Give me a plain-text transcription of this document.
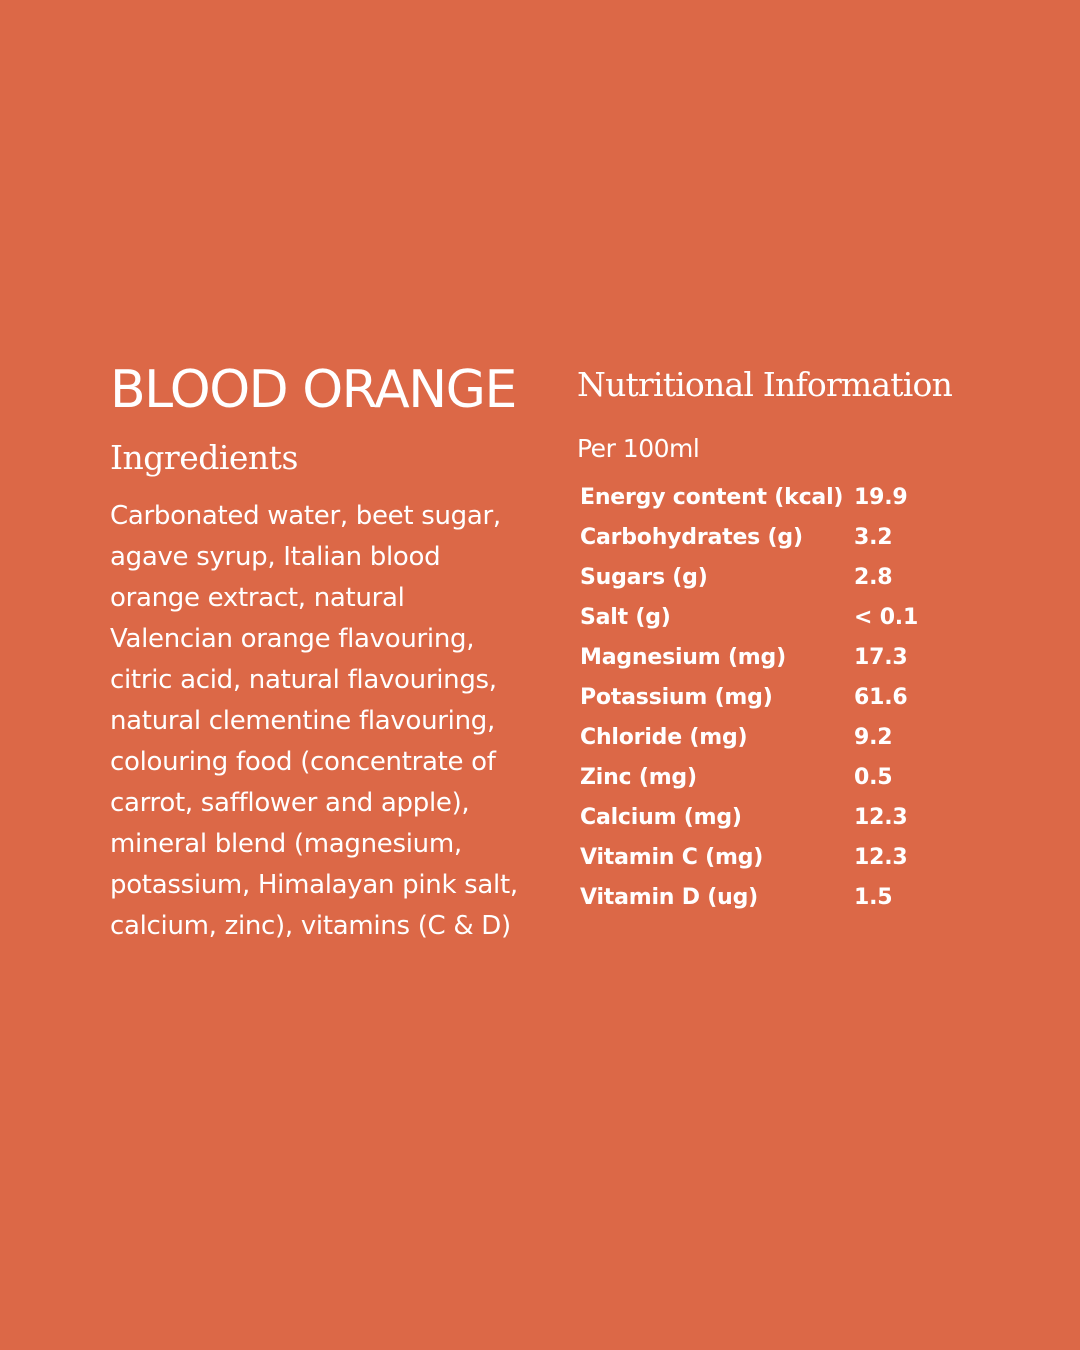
BLOOD ORANGE
Ingredients

Carbonated water, beet sugar, agave syrup, Italian blood orange extract, natural Valencian orange flavouring, citric acid, natural flavourings, natural clementine flavouring, colouring food (concentrate of carrot, safflower and apple), mineral blend (magnesium, potassium, Himalayan pink salt, calcium, zinc), vitamins (C & D)

Nutritional Information
Per 100ml
Energy content (kcal) 19.9
Carbohydrates (g)	3.2
Sugars (g)	2.8
Salt (g)	< 0.1
Magnesium (mg)	17.3
Potassium (mg)	61.6
Chloride (mg)	9.2
Zinc (mg)	0.5
Calcium (mg)	12.3
Vitamin C (mg)	12.3
Vitamin D (ug)	1.5
